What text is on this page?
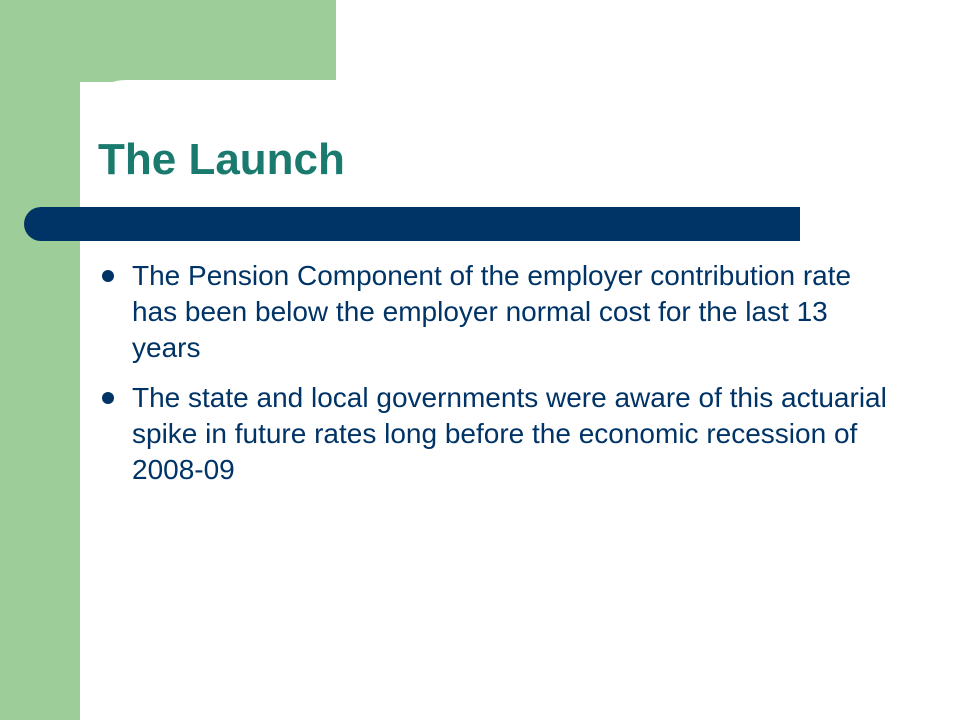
The Launch
The Pension Component of the employer contribution rate has been below the employer normal cost for the last 13 years
The state and local governments were aware of this actuarial spike in future rates long before the economic recession of 2008-09
